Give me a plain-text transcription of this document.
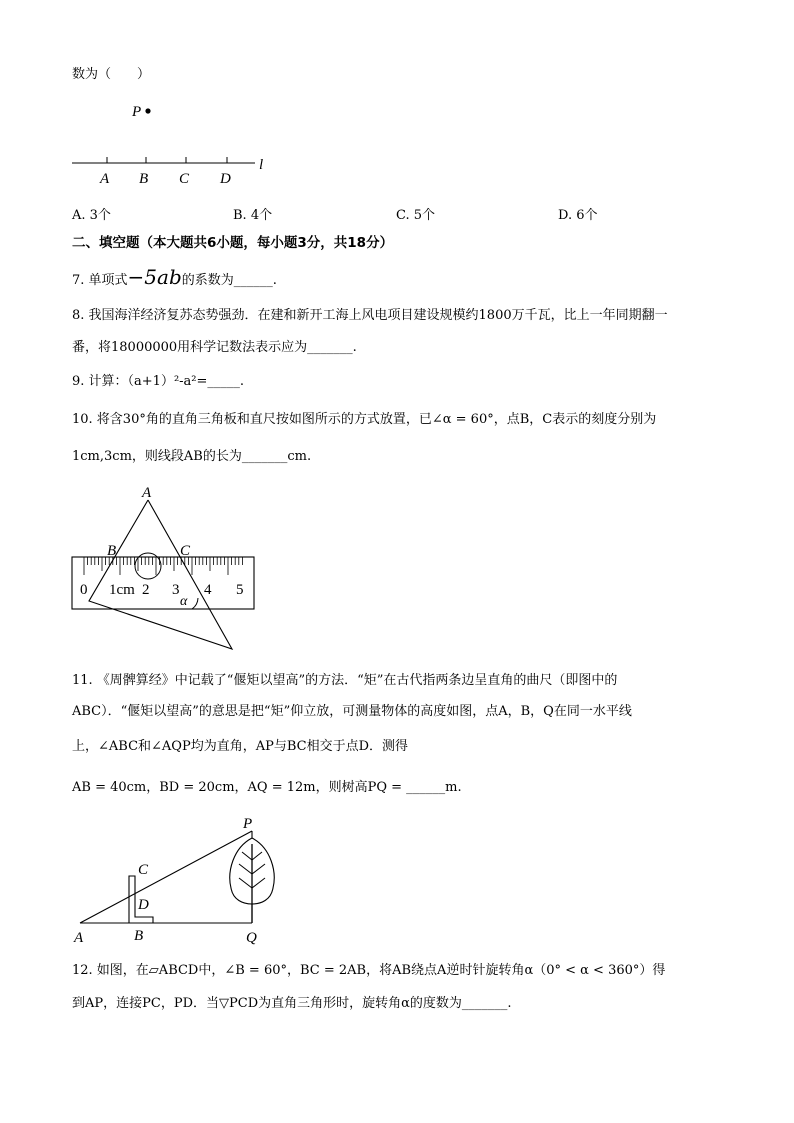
数为（　　）
P
l
A B C D
A. 3个	B. 4个	C. 5个	D. 6个
二、填空题（本大题共6小题，每小题3分，共18分）
7. 单项式−5ab的系数为______.
8. 我国海洋经济复苏态势强劲．在建和新开工海上风电项目建设规模约1800万千瓦，比上一年同期翻一
番，将18000000用科学记数法表示应为_______.
9. 计算：（a+1）²-a²=_____.
10. 将含30°角的直角三角板和直尺按如图所示的方式放置，已∠α = 60°，点B，C表示的刻度分别为
1cm,3cm，则线段AB的长为_______cm.
0 1cm 2 3 4 5
A
B	C
α
11. 《周髀算经》中记载了“偃矩以望高”的方法．“矩”在古代指两条边呈直角的曲尺（即图中的
ABC）．“偃矩以望高”的意思是把“矩”仰立放，可测量物体的高度如图，点A，B，Q在同一水平线
上，∠ABC和∠AQP均为直角，AP与BC相交于点D．测得
AB = 40cm，BD = 20cm，AQ = 12m，则树高PQ = ______m.
P
C
D
A	B	Q
12. 如图，在▱ABCD中，∠B = 60°，BC = 2AB，将AB绕点A逆时针旋转角α（0° < α < 360°）得
到AP，连接PC，PD．当▽PCD为直角三角形时，旋转角α的度数为_______.
